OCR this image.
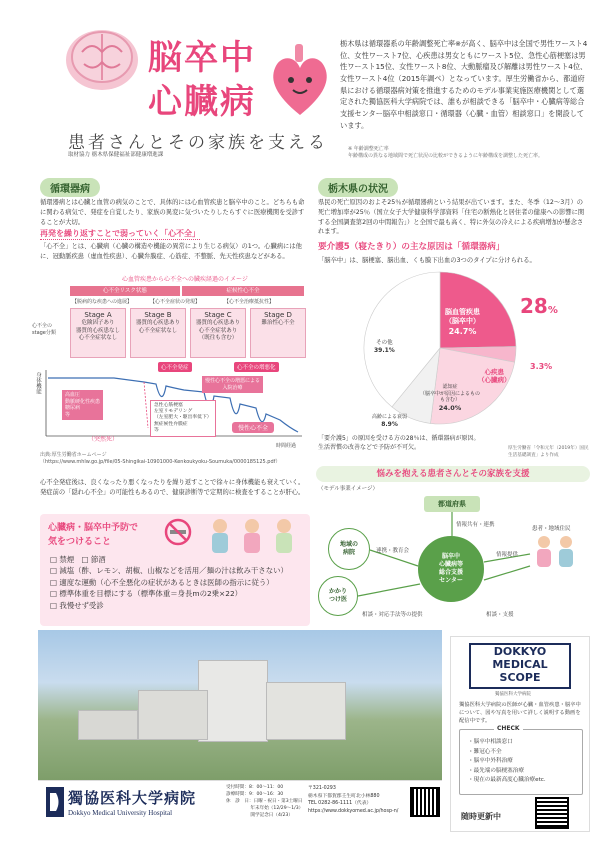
脳卒中
心臓病
患者さんとその家族を支える
取材協力 栃木県保健福祉部健康増進課
栃木県は循環器系の年齢調整死亡率※が高く、脳卒中は全国で男性ワースト4位、女性ワースト7位、心疾患は男女ともにワースト5位、急性心筋梗塞は男性ワースト15位、女性ワースト8位、大動脈瘤及び解離は男性ワースト4位、女性ワースト4位（2015年調べ）となっています。厚生労働省から、都道府県における循環器病対策を推進するためのモデル事業実施医療機関として選定された獨協医科大学病院では、誰もが相談できる「脳卒中・心臓病等総合支援センター脳卒中相談窓口・循環器（心臓・血管）相談窓口」を開設しています。
※ 年齢調整死亡率
年齢構成の異なる地域間で死亡状況の比較ができるように年齢構成を調整した死亡率。
循環器病
循環器病とは心臓と血管の病気のことで、具体的には心血管疾患と脳卒中のこと。どちらも命に関わる病気で、発症を自覚したり、家族の異変に気づいたりしたらすぐに医療機関を受診することが大切。
再発を繰り返すことで弱っていく「心不全」
「心不全」とは、心臓病（心臓の構造や機能の異常により生じる病気）の1つ。心臓病には他に、冠動脈疾患（虚血性疾患）、心臓弁膜症、心筋症、不整脈、先天性疾患などがある。
心血管疾患から心不全への臓疾経過のイメージ
心不全リスク状態	症候性心不全
【脱病的な疾患への進展】	【心不全症状の発現】	【心不全治療抵抗性】
心不全の
stage分類
Stage A
危険因子あり
器質的心疾患なし
心不全症状なし
Stage B
器質的心疾患あり
心不全症状なし
Stage C
器質的心疾患あり
心不全症状あり
（既往も含む）
Stage D
難治性心不全
心不全発症	心不全の増悪化
身体機能
高血圧
動脈硬化性疾患
糖尿病
等
急性心筋梗塞
左室リモデリング
（左室肥大・駆出率低下）
無症候性弁膜症
等
慢性心不全の増悪による
入院治療
（突然死）
慢性心不全
時間経過
出典:厚生労働省ホームページ
（https://www.mhlw.go.jp/file/05-Shingikai-10901000-Kenkoukyoku-Soumuka/0000185125.pdf）
心不全発症後は、良くなったり悪くなったりを繰り返すことで徐々に身体機能も衰えていく。発症前の「隠れ心不全」の可能性もあるので、健康診断等で定期的に検査をすることが肝心。
心臓病・脳卒中予防で
気をつけること
□ 禁煙　□ 節酒
□ 減塩（酢、レモン、胡椒、山椒などを活用／麺の汁は飲み干さない）
□ 適度な運動（心不全悪化の症状があるときは医師の指示に従う）
□ 標準体重を目標にする（標準体重＝身長mの2乗×22）
□ 我慢せず受診
栃木県の状況
県民の死亡原因のおよそ25％が循環器病という結果が出ています。また、冬季（12～3月）の死亡増加率が25％（国立女子大学健康科学部資料「住宅の断熱化と居住者の健康への影響に関する全国調査第2回の中間報告」）と全国で最も高く、特に外気の冷えによる疾病増加が懸念されます。
要介護5（寝たきり）の主な原因は「循環器病」
「脳卒中」は、脳梗塞、脳出血、くも膜下出血の3つのタイプに分けられる。
脳血管疾患
（脳卒中）
24.7%
心疾患
（心臓病）
3.3%
認知症
（脳卒中が原因によるものも含む）
24.0%
高齢による衰弱
8.9%
その他
39.1%
28%
「要介護5」の原因を受ける方の28％は、循環器病が原因。
生活習慣の改善などで予防が不可欠。	厚生労働省「令和元年（2019年）国民生活基礎調査」より作成
悩みを抱える患者さんとその家族を支援
（モデル事業イメージ）
都道府県
脳卒中
心臓病等
総合支援
センター
地域の
病院
かかり
つけ医
患者・地域住民
情報共有・連携
連携・教育会
情報提供
相談・支援
相談・対応手法等の提供
獨協医科大学病院
Dokkyo Medical University Hospital
受付時間：8：00～11：00
診療時間：9：00～16：30
休　診　日：日曜・祝日・第3土曜日
　　　　　 年末年始（12/29～1/3）
　　　　　 開学記念日（4/23）
〒321-0293
栃木県下都賀郡壬生町北小林880
TEL 0282-86-1111（代表）
https://www.dokkyomed.ac.jp/hosp-n/
DOKKYO
MEDICAL
SCOPE
獨協医科大学病院
獨協医科大学病院の医師が心臓・血管疾患・脳卒中について、図や写真を用いて詳しく説明する動画を配信中です。
CHECK
・脳卒中相談窓口
・難冠心不全
・脳卒中外科治療
・最先端の脳梗塞治療
・現在の最新高度心臓治療etc.
随時更新中
